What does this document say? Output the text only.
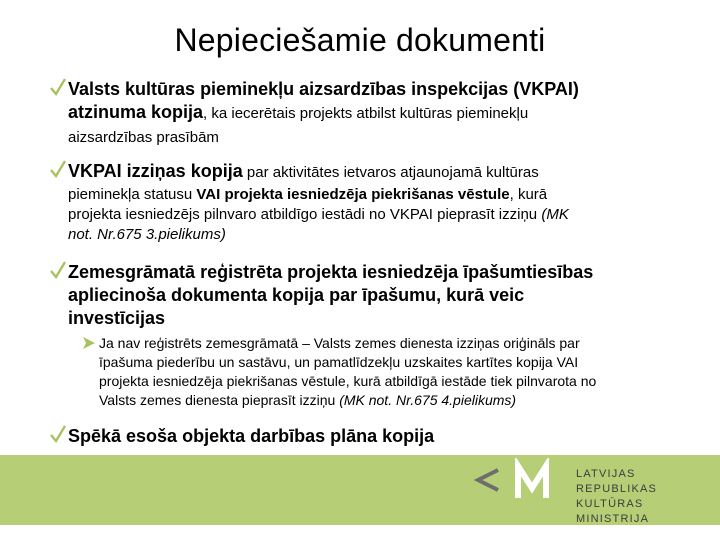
Nepieciešamie dokumenti
Valsts kultūras pieminekļu aizsardzības inspekcijas (VKPAI)
atzinuma kopija, ka iecerētais projekts atbilst kultūras pieminekļu
aizsardzības prasībām
VKPAI izziņas kopija par aktivitātes ietvaros atjaunojamā kultūras
pieminekļa statusu VAI projekta iesniedzēja piekrišanas vēstule, kurā
projekta iesniedzējs pilnvaro atbildīgo iestādi no VKPAI pieprasīt izziņu (MK
not. Nr.675 3.pielikums)
Zemesgrāmatā reģistrēta projekta iesniedzēja īpašumtiesības
apliecinoša dokumenta kopija par īpašumu, kurā veic
investīcijas
Ja nav reģistrēts zemesgrāmatā – Valsts zemes dienesta izziņas oriģināls par
īpašuma piederību un sastāvu, un pamatlīdzekļu uzskaites kartītes kopija VAI
projekta iesniedzēja piekrišanas vēstule, kurā atbildīgā iestāde tiek pilnvarota no
Valsts zemes dienesta pieprasīt izziņu (MK not. Nr.675 4.pielikums)
Spēkā esoša objekta darbības plāna kopija
LATVIJAS REPUBLIKAS
KULTŪRAS MINISTRIJA
